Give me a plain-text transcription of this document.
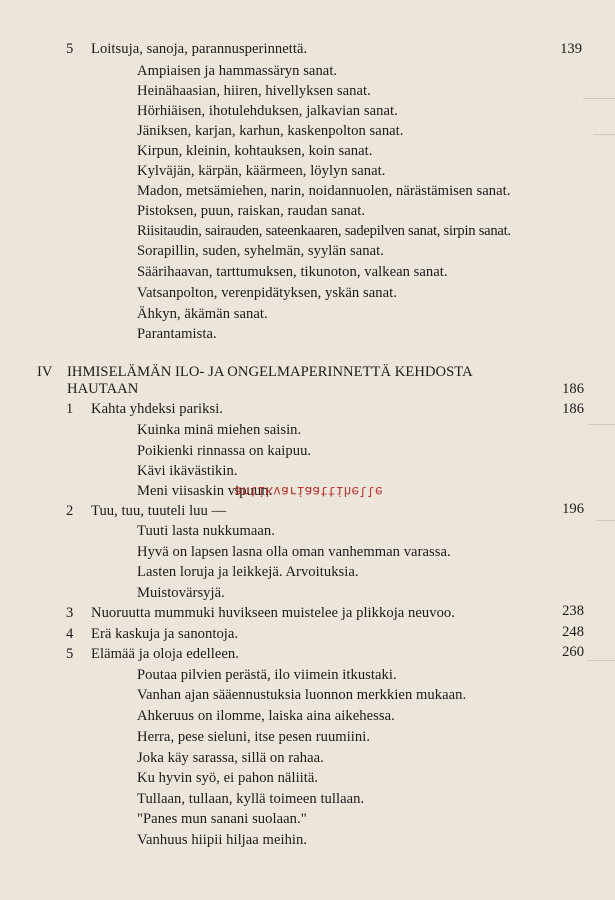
5 Loitsuja, sanoja, parannusperinnettä.	139
Ampiaisen ja hammassäryn sanat.
Heinähaasian, hiiren, hivellyksen sanat.
Hörhiäisen, ihotulehduksen, jalkavian sanat.
Jäniksen, karjan, karhun, kaskenpolton sanat.
Kirpun, kleinin, kohtauksen, koin sanat.
Kylväjän, kärpän, käärmeen, löylyn sanat.
Madon, metsämiehen, narin, noidannuolen, närästämisen sanat.
Pistoksen, puun, raiskan, raudan sanat.
Riisitaudin, sairauden, sateenkaaren, sadepilven sanat, sirpin sanat.
Sorapillin, suden, syhelmän, syylän sanat.
Säärihaavan, tarttumuksen, tikunoton, valkean sanat.
Vatsanpolton, verenpidätyksen, yskän sanat.
Ähkyn, äkämän sanat.
Parantamista.
IV IHMISELÄMÄN ILO- JA ONGELMAPERINNETTÄ KEHDOSTA
HAUTAAN	186
1 Kahta yhdeksi pariksi.	186
Kuinka minä miehen saisin.
Poikienki rinnassa on kaipuu.
Kävi ikävästikin.
Meni viisaskin vipuun.
2 Tuu, tuu, tuuteli luu —	196
Tuuti lasta nukkumaan.
Hyvä on lapsen lasna olla oman vanhemman varassa.
Lasten loruja ja leikkejä. Arvoituksia.
Muistovärsyjä.
3 Nuoruutta mummuki huvikseen muistelee ja plikkoja neuvoo.	238
4 Erä kaskuja ja sanontoja.	248
5 Elämää ja oloja edelleen.	260
Poutaa pilvien perästä, ilo viimein itkustaki.
Vanhan ajan sääennustuksia luonnon merkkien mukaan.
Ahkeruus on ilomme, laiska aina aikehessa.
Herra, pese sieluni, itse pesen ruumiini.
Joka käy sarassa, sillä on rahaa.
Ku hyvin syö, ei pahon näliitä.
Tullaan, tullaan, kyllä toimeen tullaan.
"Panes mun sanani suolaan."
Vanhuus hiipii hiljaa meihin.
antikvariaattihelle
